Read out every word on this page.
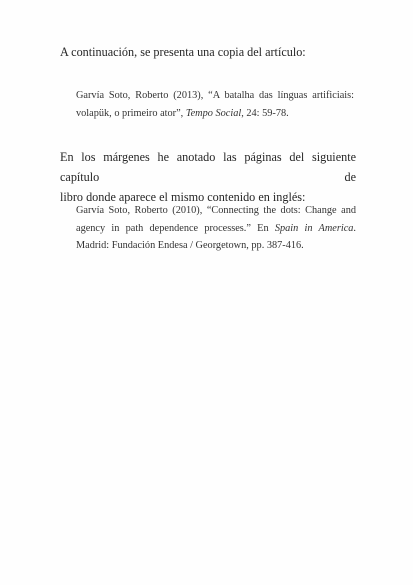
A continuación, se presenta una copia del artículo:

Garvía Soto, Roberto (2013), “A batalha das línguas artificiais:
volapük, o primeiro ator”, Tempo Social, 24: 59-78.

En los márgenes he anotado las páginas del siguiente capítulo de
libro donde aparece el mismo contenido en inglés:

Garvía Soto, Roberto (2010), “Connecting the dots: Change and
agency in path dependence processes.” En Spain in America.
Madrid: Fundación Endesa / Georgetown, pp. 387-416.
